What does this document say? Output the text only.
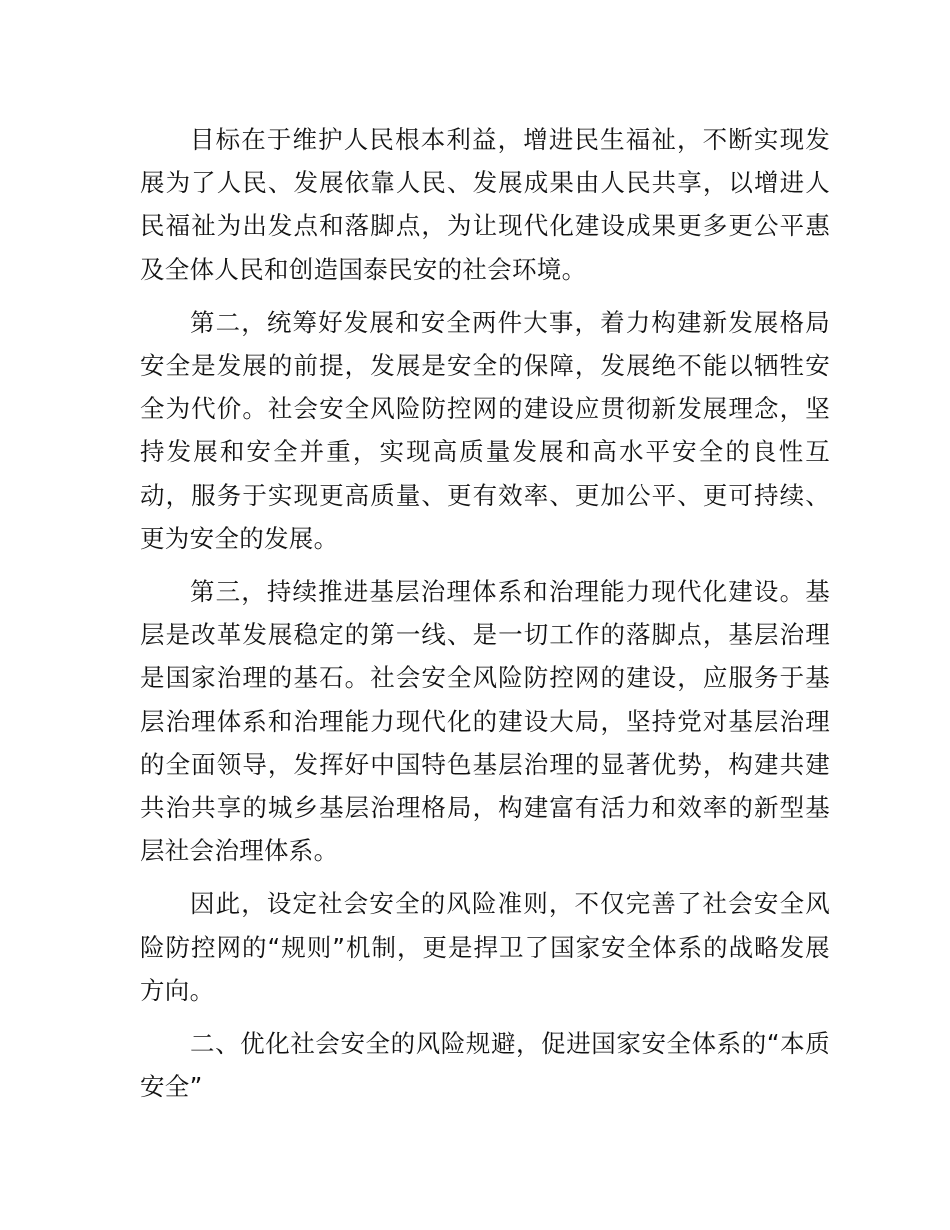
目标在于维护人民根本利益，增进民生福祉，不断实现发展为了人民、发展依靠人民、发展成果由人民共享，以增进人民福祉为出发点和落脚点，为让现代化建设成果更多更公平惠及全体人民和创造国泰民安的社会环境。

第二，统筹好发展和安全两件大事，着力构建新发展格局安全是发展的前提，发展是安全的保障，发展绝不能以牺牲安全为代价。社会安全风险防控网的建设应贯彻新发展理念，坚持发展和安全并重，实现高质量发展和高水平安全的良性互动，服务于实现更高质量、更有效率、更加公平、更可持续、更为安全的发展。

第三，持续推进基层治理体系和治理能力现代化建设。基层是改革发展稳定的第一线、是一切工作的落脚点，基层治理是国家治理的基石。社会安全风险防控网的建设，应服务于基层治理体系和治理能力现代化的建设大局，坚持党对基层治理的全面领导，发挥好中国特色基层治理的显著优势，构建共建共治共享的城乡基层治理格局，构建富有活力和效率的新型基层社会治理体系。

因此，设定社会安全的风险准则，不仅完善了社会安全风险防控网的“规则”机制，更是捍卫了国家安全体系的战略发展方向。

二、优化社会安全的风险规避，促进国家安全体系的“本质安全”
